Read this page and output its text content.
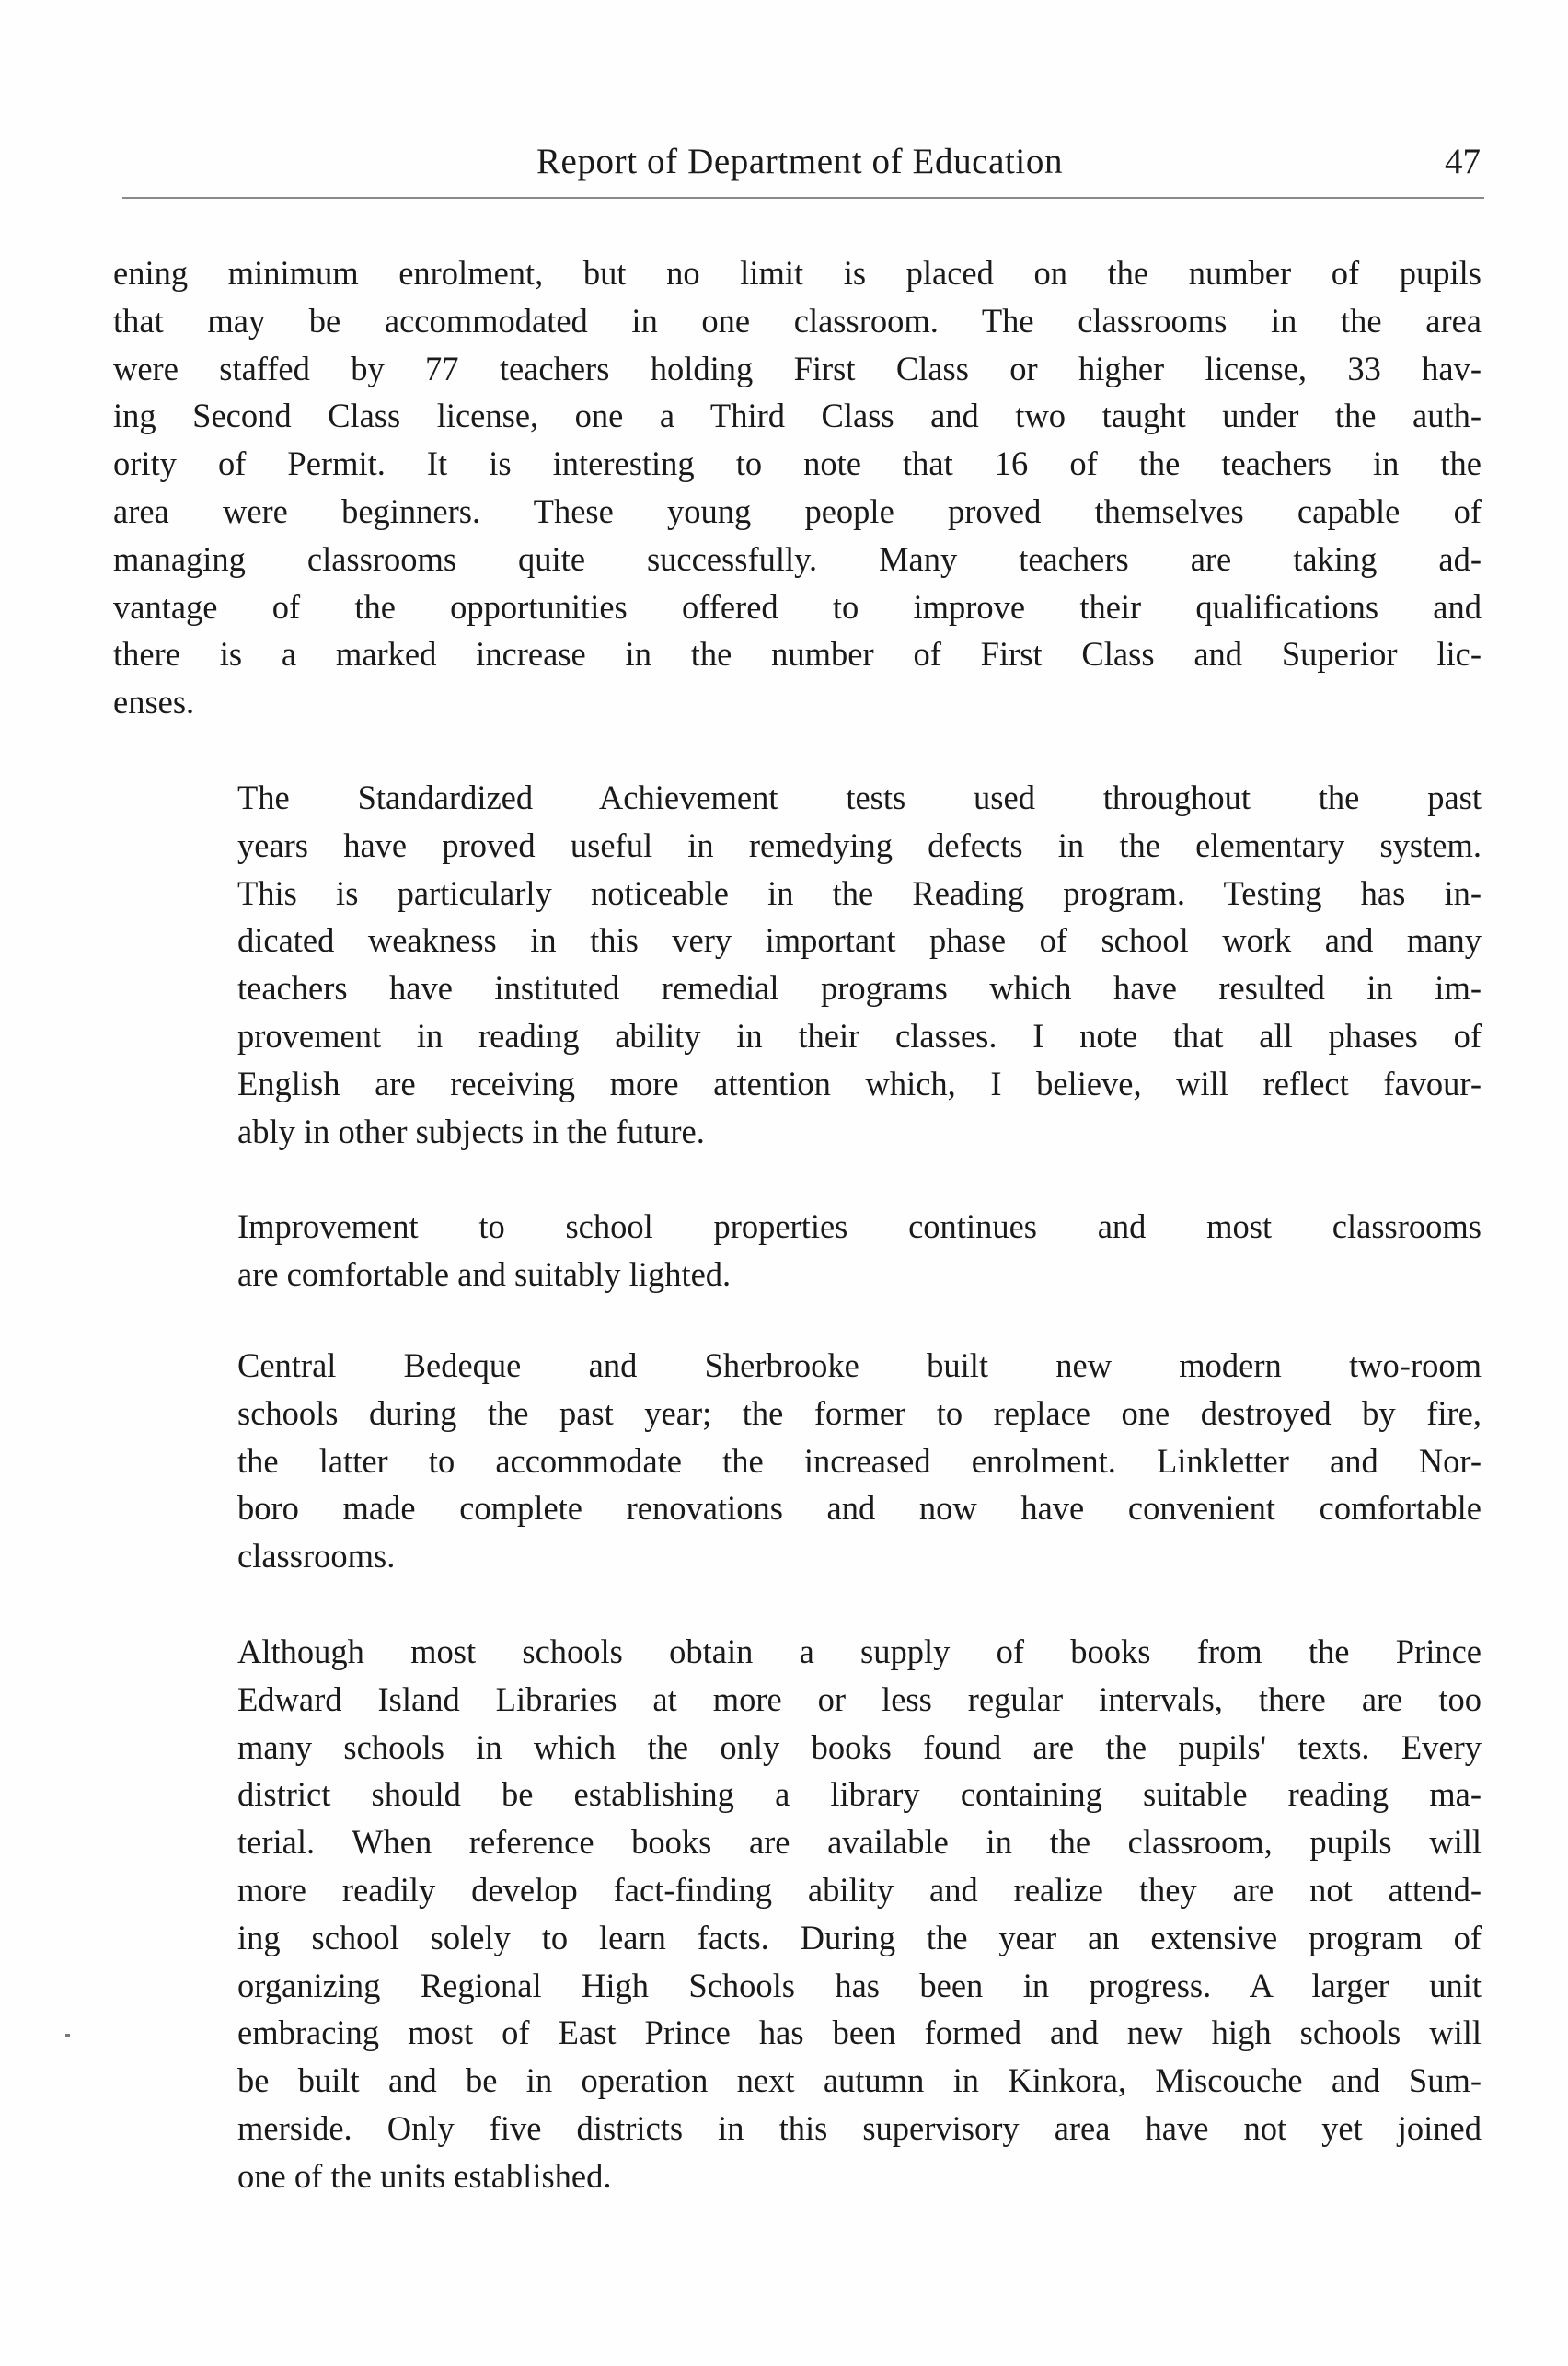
Report of Department of Education	47

ening minimum enrolment, but no limit is placed on the number of pupils
that may be accommodated in one classroom. The classrooms in the area
were staffed by 77 teachers holding First Class or higher license, 33 hav-
ing Second Class license, one a Third Class and two taught under the auth-
ority of Permit. It is interesting to note that 16 of the teachers in the
area were beginners. These young people proved themselves capable of
managing classrooms quite successfully. Many teachers are taking ad-
vantage of the opportunities offered to improve their qualifications and
there is a marked increase in the number of First Class and Superior lic-
enses.

The Standardized Achievement tests used throughout the past
years have proved useful in remedying defects in the elementary system.
This is particularly noticeable in the Reading program. Testing has in-
dicated weakness in this very important phase of school work and many
teachers have instituted remedial programs which have resulted in im-
provement in reading ability in their classes. I note that all phases of
English are receiving more attention which, I believe, will reflect favour-
ably in other subjects in the future.

Improvement to school properties continues and most classrooms
are comfortable and suitably lighted.

Central Bedeque and Sherbrooke built new modern two-room
schools during the past year; the former to replace one destroyed by fire,
the latter to accommodate the increased enrolment. Linkletter and Nor-
boro made complete renovations and now have convenient comfortable
classrooms.

Although most schools obtain a supply of books from the Prince
Edward Island Libraries at more or less regular intervals, there are too
many schools in which the only books found are the pupils' texts. Every
district should be establishing a library containing suitable reading ma-
terial. When reference books are available in the classroom, pupils will
more readily develop fact-finding ability and realize they are not attend-
ing school solely to learn facts. During the year an extensive program of
organizing Regional High Schools has been in progress. A larger unit
embracing most of East Prince has been formed and new high schools will
be built and be in operation next autumn in Kinkora, Miscouche and Sum-
merside. Only five districts in this supervisory area have not yet joined
one of the units established.
